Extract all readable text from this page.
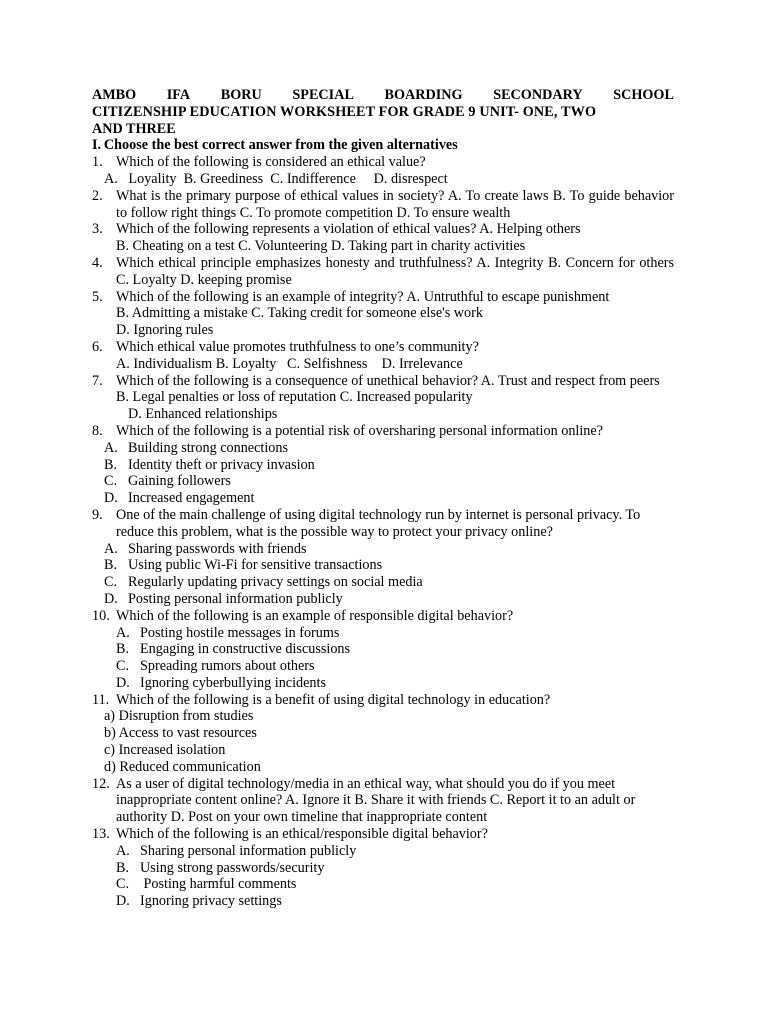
AMBO IFA BORU SPECIAL BOARDING SECONDARY SCHOOL
CITIZENSHIP EDUCATION WORKSHEET FOR GRADE 9 UNIT- ONE, TWO
AND THREE
I. Choose the best correct answer from the given alternatives
1. Which of the following is considered an ethical value?
A.   Loyality  B. Greediness  C. Indifference     D. disrespect
2. What is the primary purpose of ethical values in society? A. To create laws B. To guide behavior to follow right things C. To promote competition D. To ensure wealth
3. Which of the following represents a violation of ethical values? A. Helping others
B. Cheating on a test C. Volunteering D. Taking part in charity activities
4. Which ethical principle emphasizes honesty and truthfulness? A. Integrity B. Concern for others C. Loyalty D. keeping promise
5. Which of the following is an example of integrity? A. Untruthful to escape punishment
B. Admitting a mistake C. Taking credit for someone else's work
D. Ignoring rules
6. Which ethical value promotes truthfulness to one’s community?
A. Individualism B. Loyalty   C. Selfishness    D. Irrelevance
7. Which of the following is a consequence of unethical behavior? A. Trust and respect from peers B. Legal penalties or loss of reputation C. Increased popularity
D. Enhanced relationships
8. Which of the following is a potential risk of oversharing personal information online?
A. Building strong connections
B. Identity theft or privacy invasion
C. Gaining followers
D. Increased engagement
9. One of the main challenge of using digital technology run by internet is personal privacy. To reduce this problem, what is the possible way to protect your privacy online?
A. Sharing passwords with friends
B. Using public Wi-Fi for sensitive transactions
C. Regularly updating privacy settings on social media
D. Posting personal information publicly
10. Which of the following is an example of responsible digital behavior?
A. Posting hostile messages in forums
B. Engaging in constructive discussions
C. Spreading rumors about others
D. Ignoring cyberbullying incidents
11. Which of the following is a benefit of using digital technology in education?
a) Disruption from studies
b) Access to vast resources
c) Increased isolation
d) Reduced communication
12. As a user of digital technology/media in an ethical way, what should you do if you meet inappropriate content online? A. Ignore it B. Share it with friends C. Report it to an adult or authority D. Post on your own timeline that inappropriate content
13. Which of the following is an ethical/responsible digital behavior?
A. Sharing personal information publicly
B. Using strong passwords/security
C. Posting harmful comments
D. Ignoring privacy settings
